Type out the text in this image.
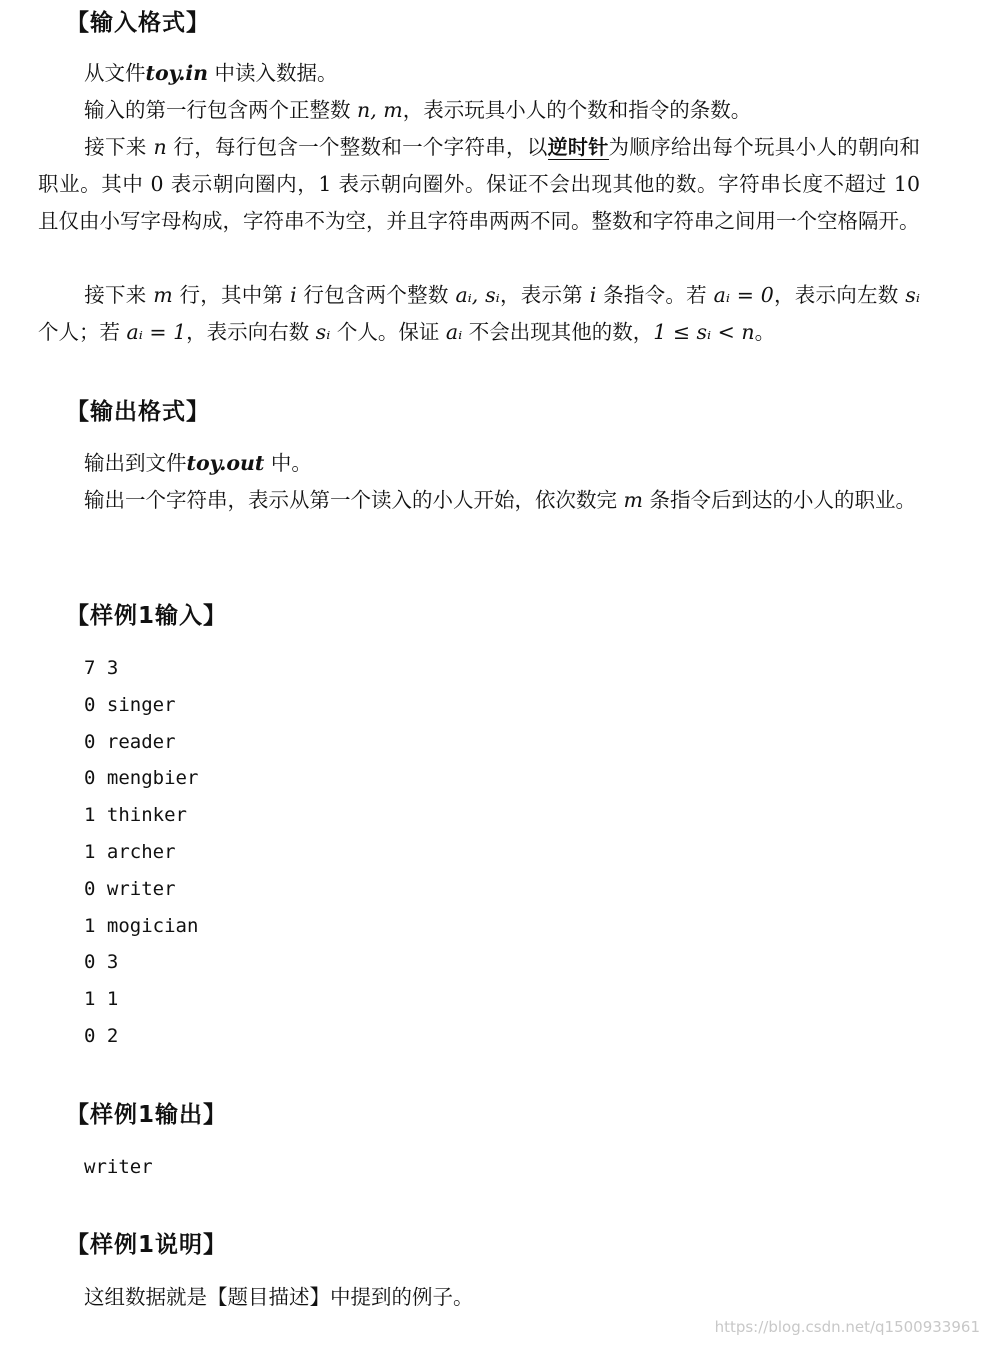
【输入格式】

从文件toy.in 中读入数据。

输入的第一行包含两个正整数 n, m，表示玩具小人的个数和指令的条数。

接下来 n 行，每行包含一个整数和一个字符串，以逆时针为顺序给出每个玩具小人的朝向和职业。其中 0 表示朝向圈内，1 表示朝向圈外。保证不会出现其他的数。字符串长度不超过 10 且仅由小写字母构成，字符串不为空，并且字符串两两不同。整数和字符串之间用一个空格隔开。

接下来 m 行，其中第 i 行包含两个整数 aᵢ, sᵢ，表示第 i 条指令。若 aᵢ = 0，表示向左数 sᵢ 个人；若 aᵢ = 1，表示向右数 sᵢ 个人。保证 aᵢ 不会出现其他的数，1 ≤ sᵢ < n。

【输出格式】

输出到文件toy.out 中。

输出一个字符串，表示从第一个读入的小人开始，依次数完 m 条指令后到达的小人的职业。

【样例1输入】
7 3
0 singer
0 reader
0 mengbier
1 thinker
1 archer
0 writer
1 mogician
0 3
1 1
0 2
【样例1输出】
writer
【样例1说明】

这组数据就是【题目描述】中提到的例子。

https://blog.csdn.net/q1500933961
